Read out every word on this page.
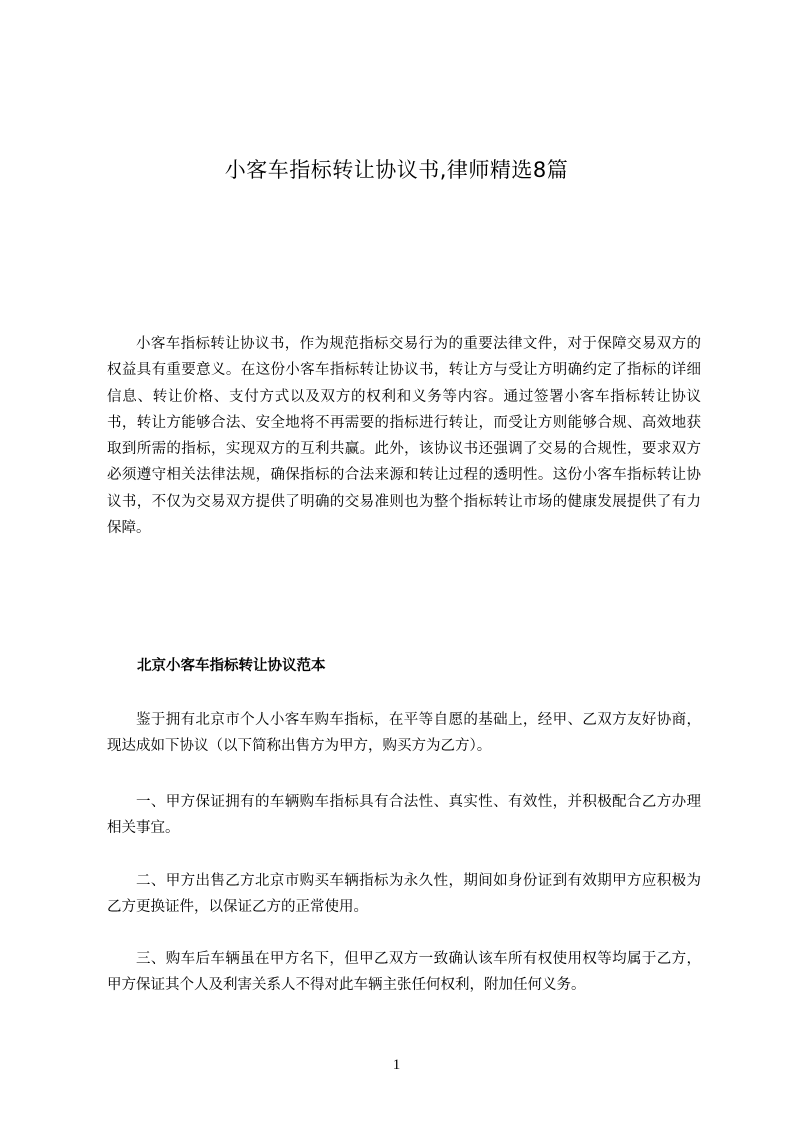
小客车指标转让协议书,律师精选8篇

小客车指标转让协议书，作为规范指标交易行为的重要法律文件，对于保障交易双方的权益具有重要意义。在这份小客车指标转让协议书，转让方与受让方明确约定了指标的详细信息、转让价格、支付方式以及双方的权利和义务等内容。通过签署小客车指标转让协议书，转让方能够合法、安全地将不再需要的指标进行转让，而受让方则能够合规、高效地获取到所需的指标，实现双方的互利共赢。此外，该协议书还强调了交易的合规性，要求双方必须遵守相关法律法规，确保指标的合法来源和转让过程的透明性。这份小客车指标转让协议书，不仅为交易双方提供了明确的交易准则也为整个指标转让市场的健康发展提供了有力保障。

北京小客车指标转让协议范本

鉴于拥有北京市个人小客车购车指标，在平等自愿的基础上，经甲、乙双方友好协商，现达成如下协议（以下简称出售方为甲方，购买方为乙方）。

一、甲方保证拥有的车辆购车指标具有合法性、真实性、有效性，并积极配合乙方办理相关事宜。

二、甲方出售乙方北京市购买车辆指标为永久性，期间如身份证到有效期甲方应积极为乙方更换证件，以保证乙方的正常使用。

三、购车后车辆虽在甲方名下，但甲乙双方一致确认该车所有权使用权等均属于乙方，甲方保证其个人及利害关系人不得对此车辆主张任何权利，附加任何义务。

1
